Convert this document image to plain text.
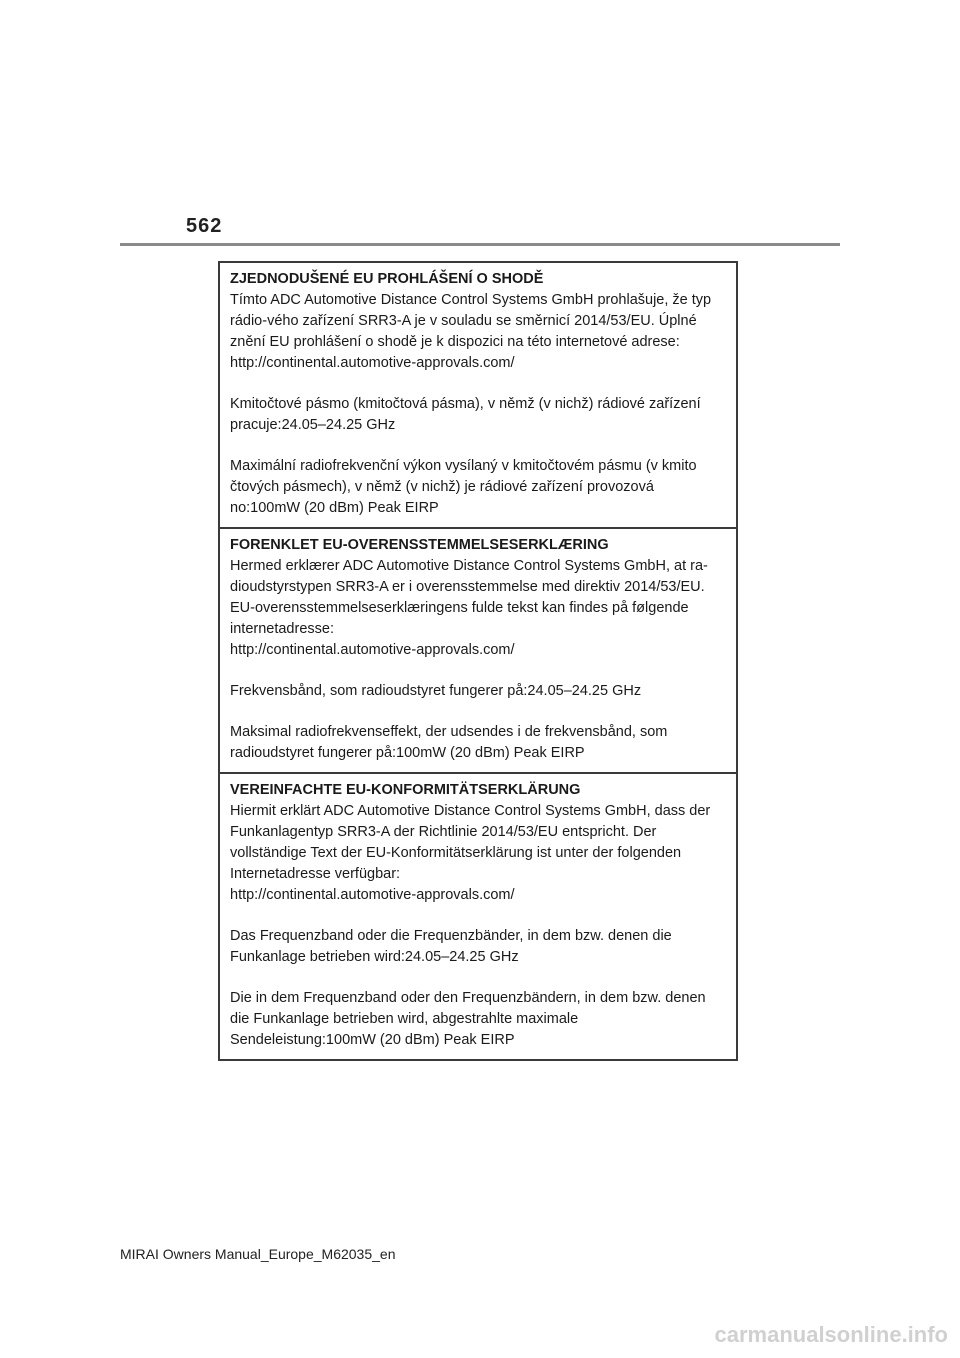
562

ZJEDNODUŠENÉ EU PROHLÁŠENÍ O SHODĚ

Tímto ADC Automotive Distance Control Systems GmbH prohlašuje, že typ rádio-vého zařízení SRR3-A je v souladu se směrnicí 2014/53/EU. Úplné znění EU prohlášení o shodě je k dispozici na této internetové adrese:
http://continental.automotive-approvals.com/

Kmitočtové pásmo (kmitočtová pásma), v němž (v nichž) rádiové zařízení pracuje:24.05–24.25 GHz

Maximální radiofrekvenční výkon vysílaný v kmitočtovém pásmu (v kmito čtových pásmech), v němž (v nichž) je rádiové zařízení provozová no:100mW (20 dBm) Peak EIRP

FORENKLET EU-OVERENSSTEMMELSESERKLÆRING

Hermed erklærer ADC Automotive Distance Control Systems GmbH, at ra-dioudstyrstypen SRR3-A er i overensstemmelse med direktiv 2014/53/EU. EU-overensstemmelseserklæringens fulde tekst kan findes på følgende internetadresse:
http://continental.automotive-approvals.com/

Frekvensbånd, som radioudstyret fungerer på:24.05–24.25 GHz

Maksimal radiofrekvenseffekt, der udsendes i de frekvensbånd, som radioudstyret fungerer på:100mW (20 dBm) Peak EIRP

VEREINFACHTE EU-KONFORMITÄTSERKLÄRUNG

Hiermit erklärt ADC Automotive Distance Control Systems GmbH, dass der Funkanlagentyp SRR3-A der Richtlinie 2014/53/EU entspricht. Der vollständige Text der EU-Konformitätserklärung ist unter der folgenden Internetadresse verfügbar:
http://continental.automotive-approvals.com/

Das Frequenzband oder die Frequenzbänder, in dem bzw. denen die Funkanlage betrieben wird:24.05–24.25 GHz

Die in dem Frequenzband oder den Frequenzbändern, in dem bzw. denen die Funkanlage betrieben wird, abgestrahlte maximale Sendeleistung:100mW (20 dBm) Peak EIRP

MIRAI Owners Manual_Europe_M62035_en
carmanualsonline.info
